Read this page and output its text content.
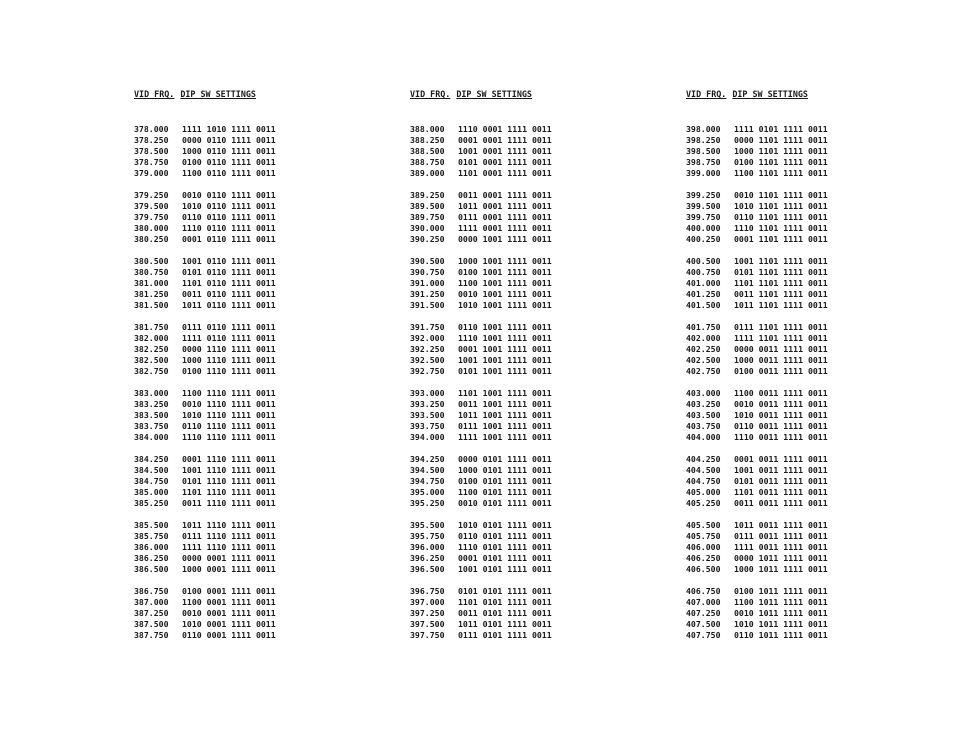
VID FRQ. DIP SW SETTINGS
378.000 1111 1010 1111 0011
378.250 0000 0110 1111 0011
378.500 1000 0110 1111 0011
378.750 0100 0110 1111 0011
379.000 1100 0110 1111 0011
379.250 0010 0110 1111 0011
379.500 1010 0110 1111 0011
379.750 0110 0110 1111 0011
380.000 1110 0110 1111 0011
380.250 0001 0110 1111 0011
380.500 1001 0110 1111 0011
380.750 0101 0110 1111 0011
381.000 1101 0110 1111 0011
381.250 0011 0110 1111 0011
381.500 1011 0110 1111 0011
381.750 0111 0110 1111 0011
382.000 1111 0110 1111 0011
382.250 0000 1110 1111 0011
382.500 1000 1110 1111 0011
382.750 0100 1110 1111 0011
383.000 1100 1110 1111 0011
383.250 0010 1110 1111 0011
383.500 1010 1110 1111 0011
383.750 0110 1110 1111 0011
384.000 1110 1110 1111 0011
384.250 0001 1110 1111 0011
384.500 1001 1110 1111 0011
384.750 0101 1110 1111 0011
385.000 1101 1110 1111 0011
385.250 0011 1110 1111 0011
385.500 1011 1110 1111 0011
385.750 0111 1110 1111 0011
386.000 1111 1110 1111 0011
386.250 0000 0001 1111 0011
386.500 1000 0001 1111 0011
386.750 0100 0001 1111 0011
387.000 1100 0001 1111 0011
387.250 0010 0001 1111 0011
387.500 1010 0001 1111 0011
387.750 0110 0001 1111 0011
VID FRQ. DIP SW SETTINGS
388.000 1110 0001 1111 0011
388.250 0001 0001 1111 0011
388.500 1001 0001 1111 0011
388.750 0101 0001 1111 0011
389.000 1101 0001 1111 0011
389.250 0011 0001 1111 0011
389.500 1011 0001 1111 0011
389.750 0111 0001 1111 0011
390.000 1111 0001 1111 0011
390.250 0000 1001 1111 0011
390.500 1000 1001 1111 0011
390.750 0100 1001 1111 0011
391.000 1100 1001 1111 0011
391.250 0010 1001 1111 0011
391.500 1010 1001 1111 0011
391.750 0110 1001 1111 0011
392.000 1110 1001 1111 0011
392.250 0001 1001 1111 0011
392.500 1001 1001 1111 0011
392.750 0101 1001 1111 0011
393.000 1101 1001 1111 0011
393.250 0011 1001 1111 0011
393.500 1011 1001 1111 0011
393.750 0111 1001 1111 0011
394.000 1111 1001 1111 0011
394.250 0000 0101 1111 0011
394.500 1000 0101 1111 0011
394.750 0100 0101 1111 0011
395.000 1100 0101 1111 0011
395.250 0010 0101 1111 0011
395.500 1010 0101 1111 0011
395.750 0110 0101 1111 0011
396.000 1110 0101 1111 0011
396.250 0001 0101 1111 0011
396.500 1001 0101 1111 0011
396.750 0101 0101 1111 0011
397.000 1101 0101 1111 0011
397.250 0011 0101 1111 0011
397.500 1011 0101 1111 0011
397.750 0111 0101 1111 0011
VID FRQ. DIP SW SETTINGS
398.000 1111 0101 1111 0011
398.250 0000 1101 1111 0011
398.500 1000 1101 1111 0011
398.750 0100 1101 1111 0011
399.000 1100 1101 1111 0011
399.250 0010 1101 1111 0011
399.500 1010 1101 1111 0011
399.750 0110 1101 1111 0011
400.000 1110 1101 1111 0011
400.250 0001 1101 1111 0011
400.500 1001 1101 1111 0011
400.750 0101 1101 1111 0011
401.000 1101 1101 1111 0011
401.250 0011 1101 1111 0011
401.500 1011 1101 1111 0011
401.750 0111 1101 1111 0011
402.000 1111 1101 1111 0011
402.250 0000 0011 1111 0011
402.500 1000 0011 1111 0011
402.750 0100 0011 1111 0011
403.000 1100 0011 1111 0011
403.250 0010 0011 1111 0011
403.500 1010 0011 1111 0011
403.750 0110 0011 1111 0011
404.000 1110 0011 1111 0011
404.250 0001 0011 1111 0011
404.500 1001 0011 1111 0011
404.750 0101 0011 1111 0011
405.000 1101 0011 1111 0011
405.250 0011 0011 1111 0011
405.500 1011 0011 1111 0011
405.750 0111 0011 1111 0011
406.000 1111 0011 1111 0011
406.250 0000 1011 1111 0011
406.500 1000 1011 1111 0011
406.750 0100 1011 1111 0011
407.000 1100 1011 1111 0011
407.250 0010 1011 1111 0011
407.500 1010 1011 1111 0011
407.750 0110 1011 1111 0011
